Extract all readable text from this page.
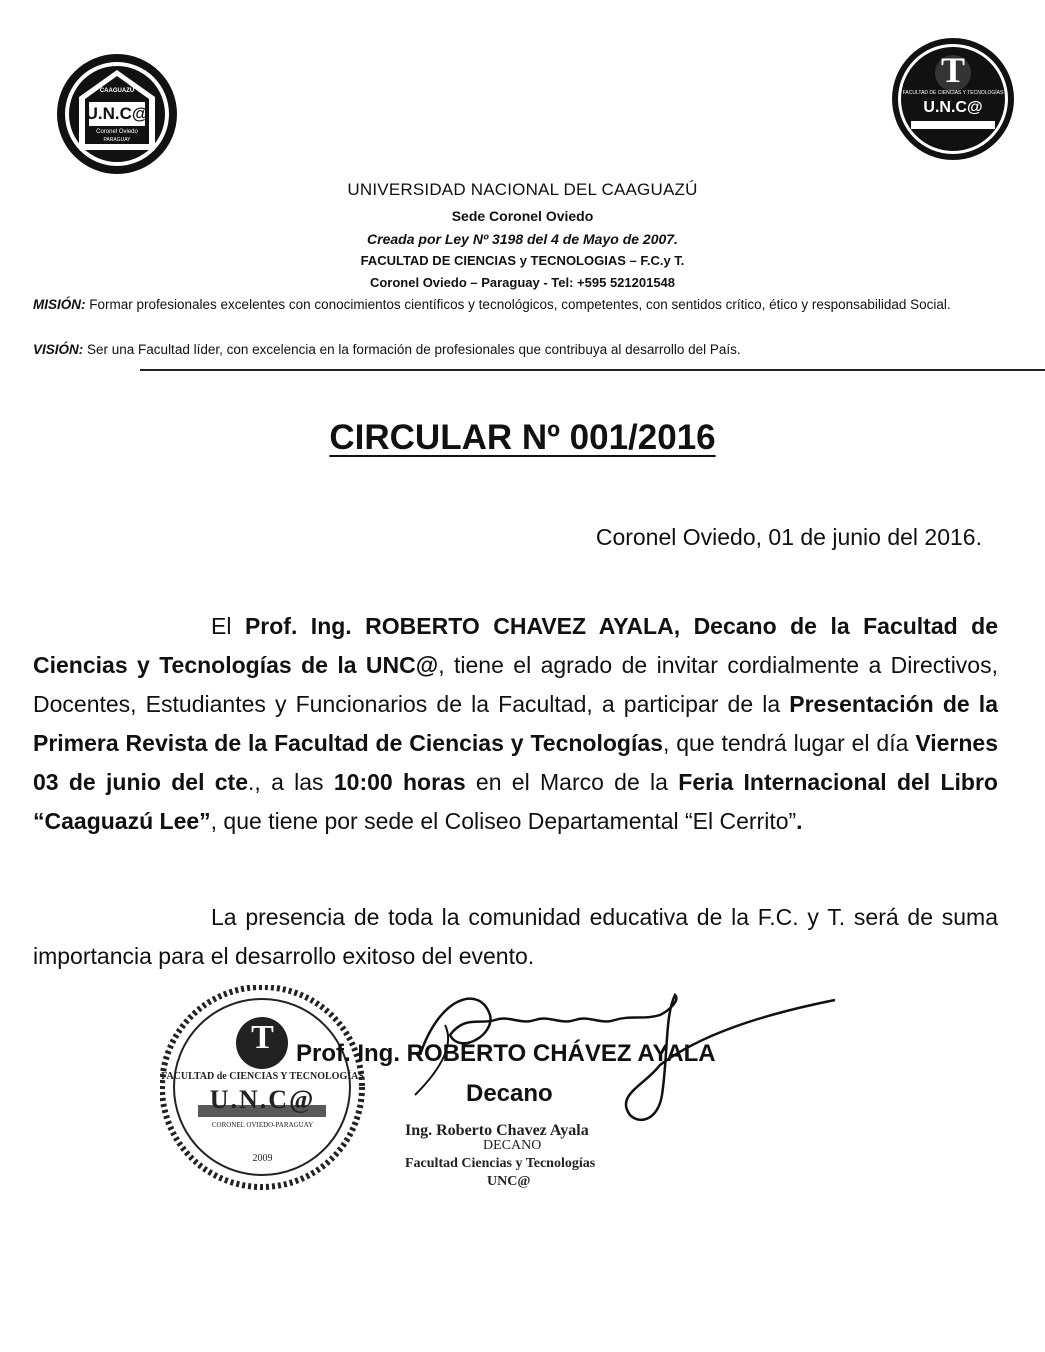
CAAGUAZÚ
U.N.C@
Coronel Oviedo
PARAGUAY
T
FACULTAD DE CIENCIAS Y TECNOLOGÍAS
U.N.C@
UNIVERSIDAD NACIONAL DEL CAAGUAZÚ
Sede Coronel Oviedo
Creada por Ley Nº 3198 del 4 de Mayo de 2007.
FACULTAD DE CIENCIAS y TECNOLOGIAS – F.C.y T.
Coronel Oviedo – Paraguay - Tel: +595 521201548
MISIÓN: Formar profesionales excelentes con conocimientos científicos y tecnológicos, competentes, con sentidos crítico, ético y responsabilidad Social.
VISIÓN: Ser una Facultad líder, con excelencia en la formación de profesionales que contribuya al desarrollo del País.
CIRCULAR Nº 001/2016
Coronel Oviedo, 01 de junio del 2016.
El Prof. Ing. ROBERTO CHAVEZ AYALA, Decano de la Facultad de Ciencias y Tecnologías de la UNC@, tiene el agrado de invitar cordialmente a Directivos, Docentes, Estudiantes y Funcionarios de la Facultad, a participar de la Presentación de la Primera Revista de la Facultad de Ciencias y Tecnologías, que tendrá lugar el día Viernes 03 de junio del cte., a las 10:00 horas en el Marco de la Feria Internacional del Libro “Caaguazú Lee”, que tiene por sede el Coliseo Departamental “El Cerrito”.
La presencia de toda la comunidad educativa de la F.C. y T. será de suma importancia para el desarrollo exitoso del evento.
T
FACULTAD de CIENCIAS Y TECNOLOGÍAS
U.N.C@
CORONEL OVIEDO-PARAGUAY
2009
Prof. Ing. ROBERTO CHÁVEZ AYALA
Decano
Ing. Roberto Chavez Ayala
DECANO
Facultad Ciencias y Tecnologías
UNC@
